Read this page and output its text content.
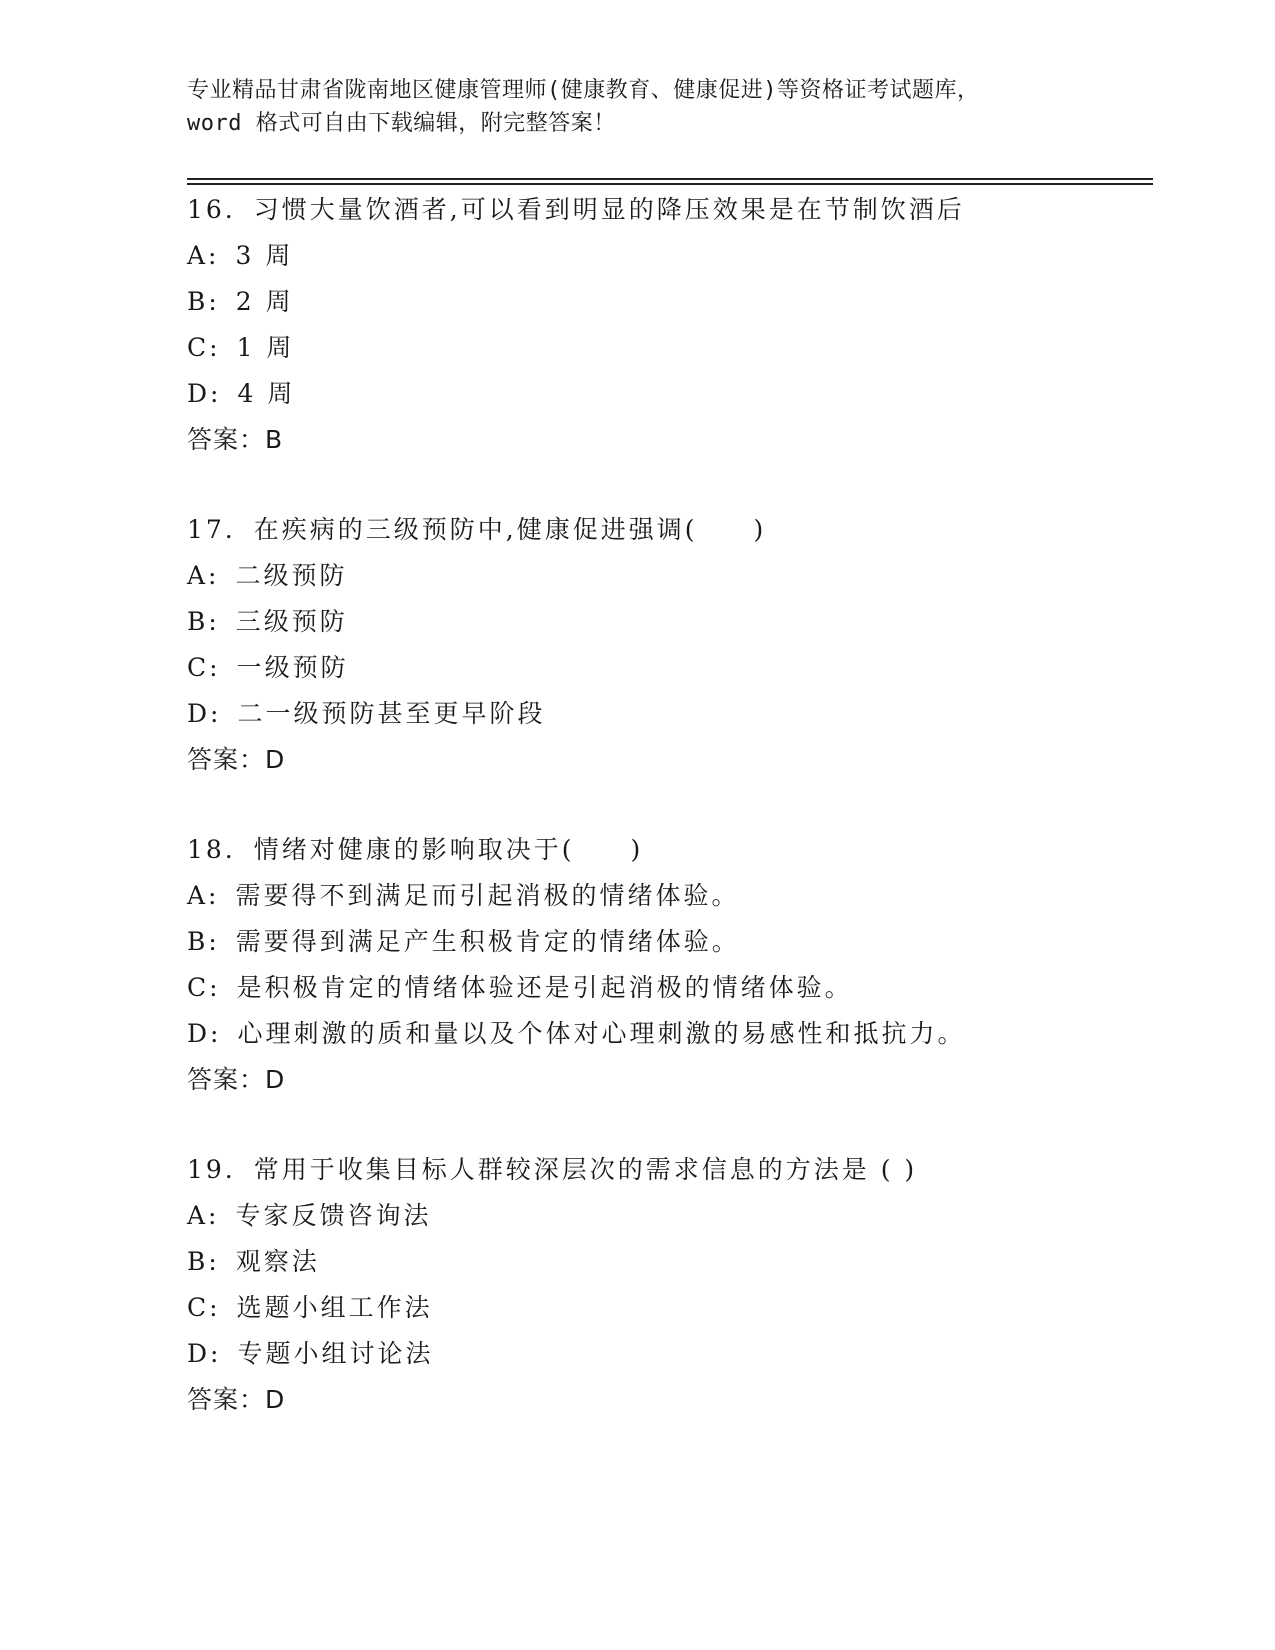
专业精品甘肃省陇南地区健康管理师(健康教育、健康促进)等资格证考试题库，
word 格式可自由下载编辑，附完整答案！
16. 习惯大量饮酒者,可以看到明显的降压效果是在节制饮酒后
A: 3 周
B: 2 周
C: 1 周
D: 4 周
答案：B
17. 在疾病的三级预防中,健康促进强调(　　)
A: 二级预防
B: 三级预防
C: 一级预防
D: 二一级预防甚至更早阶段
答案：D
18. 情绪对健康的影响取决于(　　)
A: 需要得不到满足而引起消极的情绪体验。
B: 需要得到满足产生积极肯定的情绪体验。
C: 是积极肯定的情绪体验还是引起消极的情绪体验。
D: 心理刺激的质和量以及个体对心理刺激的易感性和抵抗力。
答案：D
19. 常用于收集目标人群较深层次的需求信息的方法是 ( )
A: 专家反馈咨询法
B: 观察法
C: 选题小组工作法
D: 专题小组讨论法
答案：D
